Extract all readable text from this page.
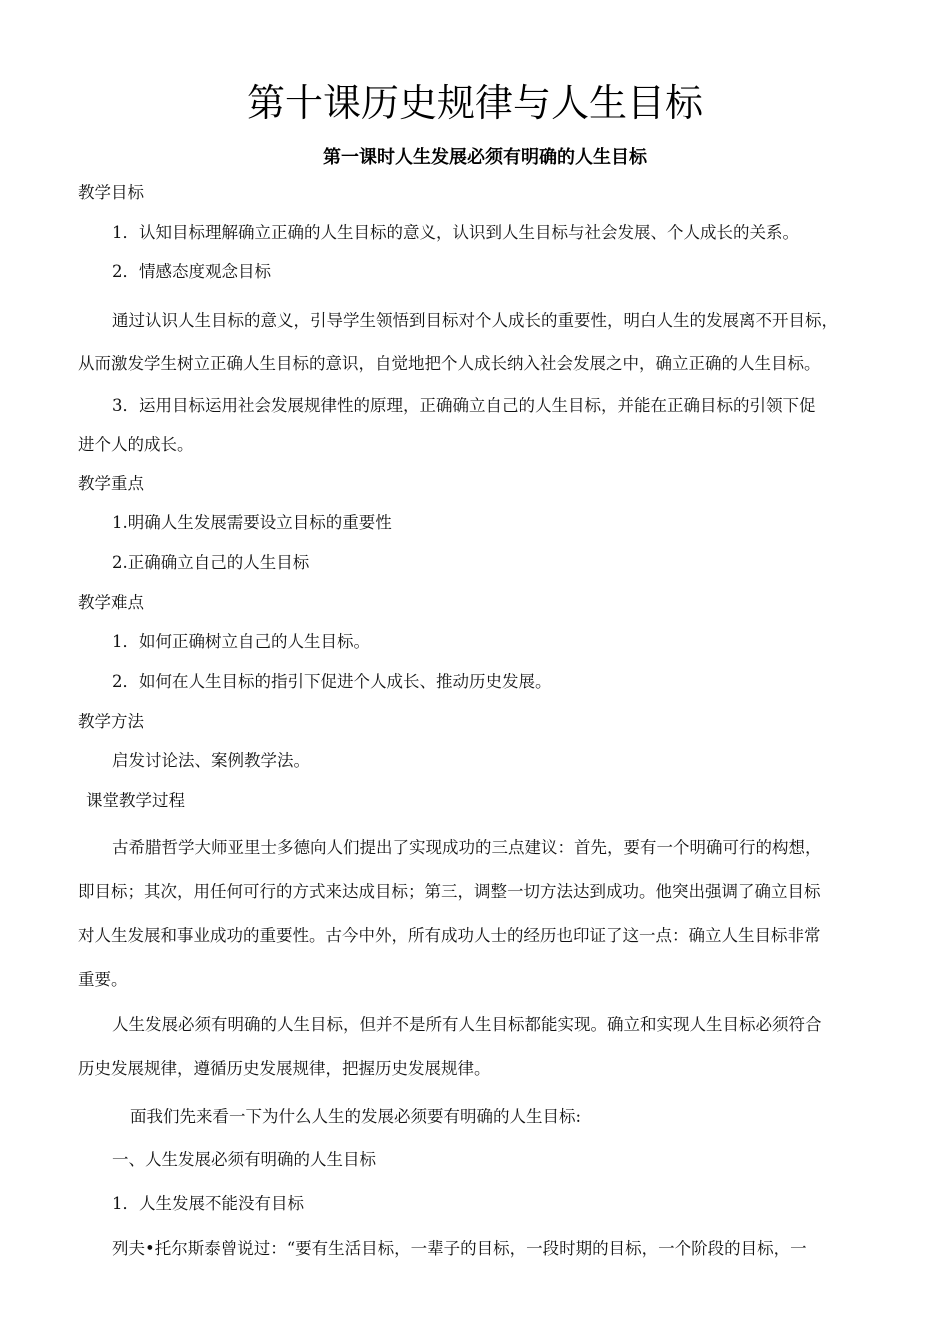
第十课历史规律与人生目标
第一课时人生发展必须有明确的人生目标
教学目标
1．认知目标理解确立正确的人生目标的意义，认识到人生目标与社会发展、个人成长的关系。
2．情感态度观念目标
通过认识人生目标的意义，引导学生领悟到目标对个人成长的重要性，明白人生的发展离不开目标，
从而激发学生树立正确人生目标的意识，自觉地把个人成长纳入社会发展之中，确立正确的人生目标。
3．运用目标运用社会发展规律性的原理，正确确立自己的人生目标，并能在正确目标的引领下促
进个人的成长。
教学重点
1.明确人生发展需要设立目标的重要性
2.正确确立自己的人生目标
教学难点
1．如何正确树立自己的人生目标。
2．如何在人生目标的指引下促进个人成长、推动历史发展。
教学方法
启发讨论法、案例教学法。
课堂教学过程
古希腊哲学大师亚里士多德向人们提出了实现成功的三点建议：首先，要有一个明确可行的构想，
即目标；其次，用任何可行的方式来达成目标；第三，调整一切方法达到成功。他突出强调了确立目标
对人生发展和事业成功的重要性。古今中外，所有成功人士的经历也印证了这一点：确立人生目标非常
重要。
人生发展必须有明确的人生目标，但并不是所有人生目标都能实现。确立和实现人生目标必须符合
历史发展规律，遵循历史发展规律，把握历史发展规律。
面我们先来看一下为什么人生的发展必须要有明确的人生目标:
一、人生发展必须有明确的人生目标
1．人生发展不能没有目标
列夫•托尔斯泰曾说过：“要有生活目标，一辈子的目标，一段时期的目标，一个阶段的目标，一
